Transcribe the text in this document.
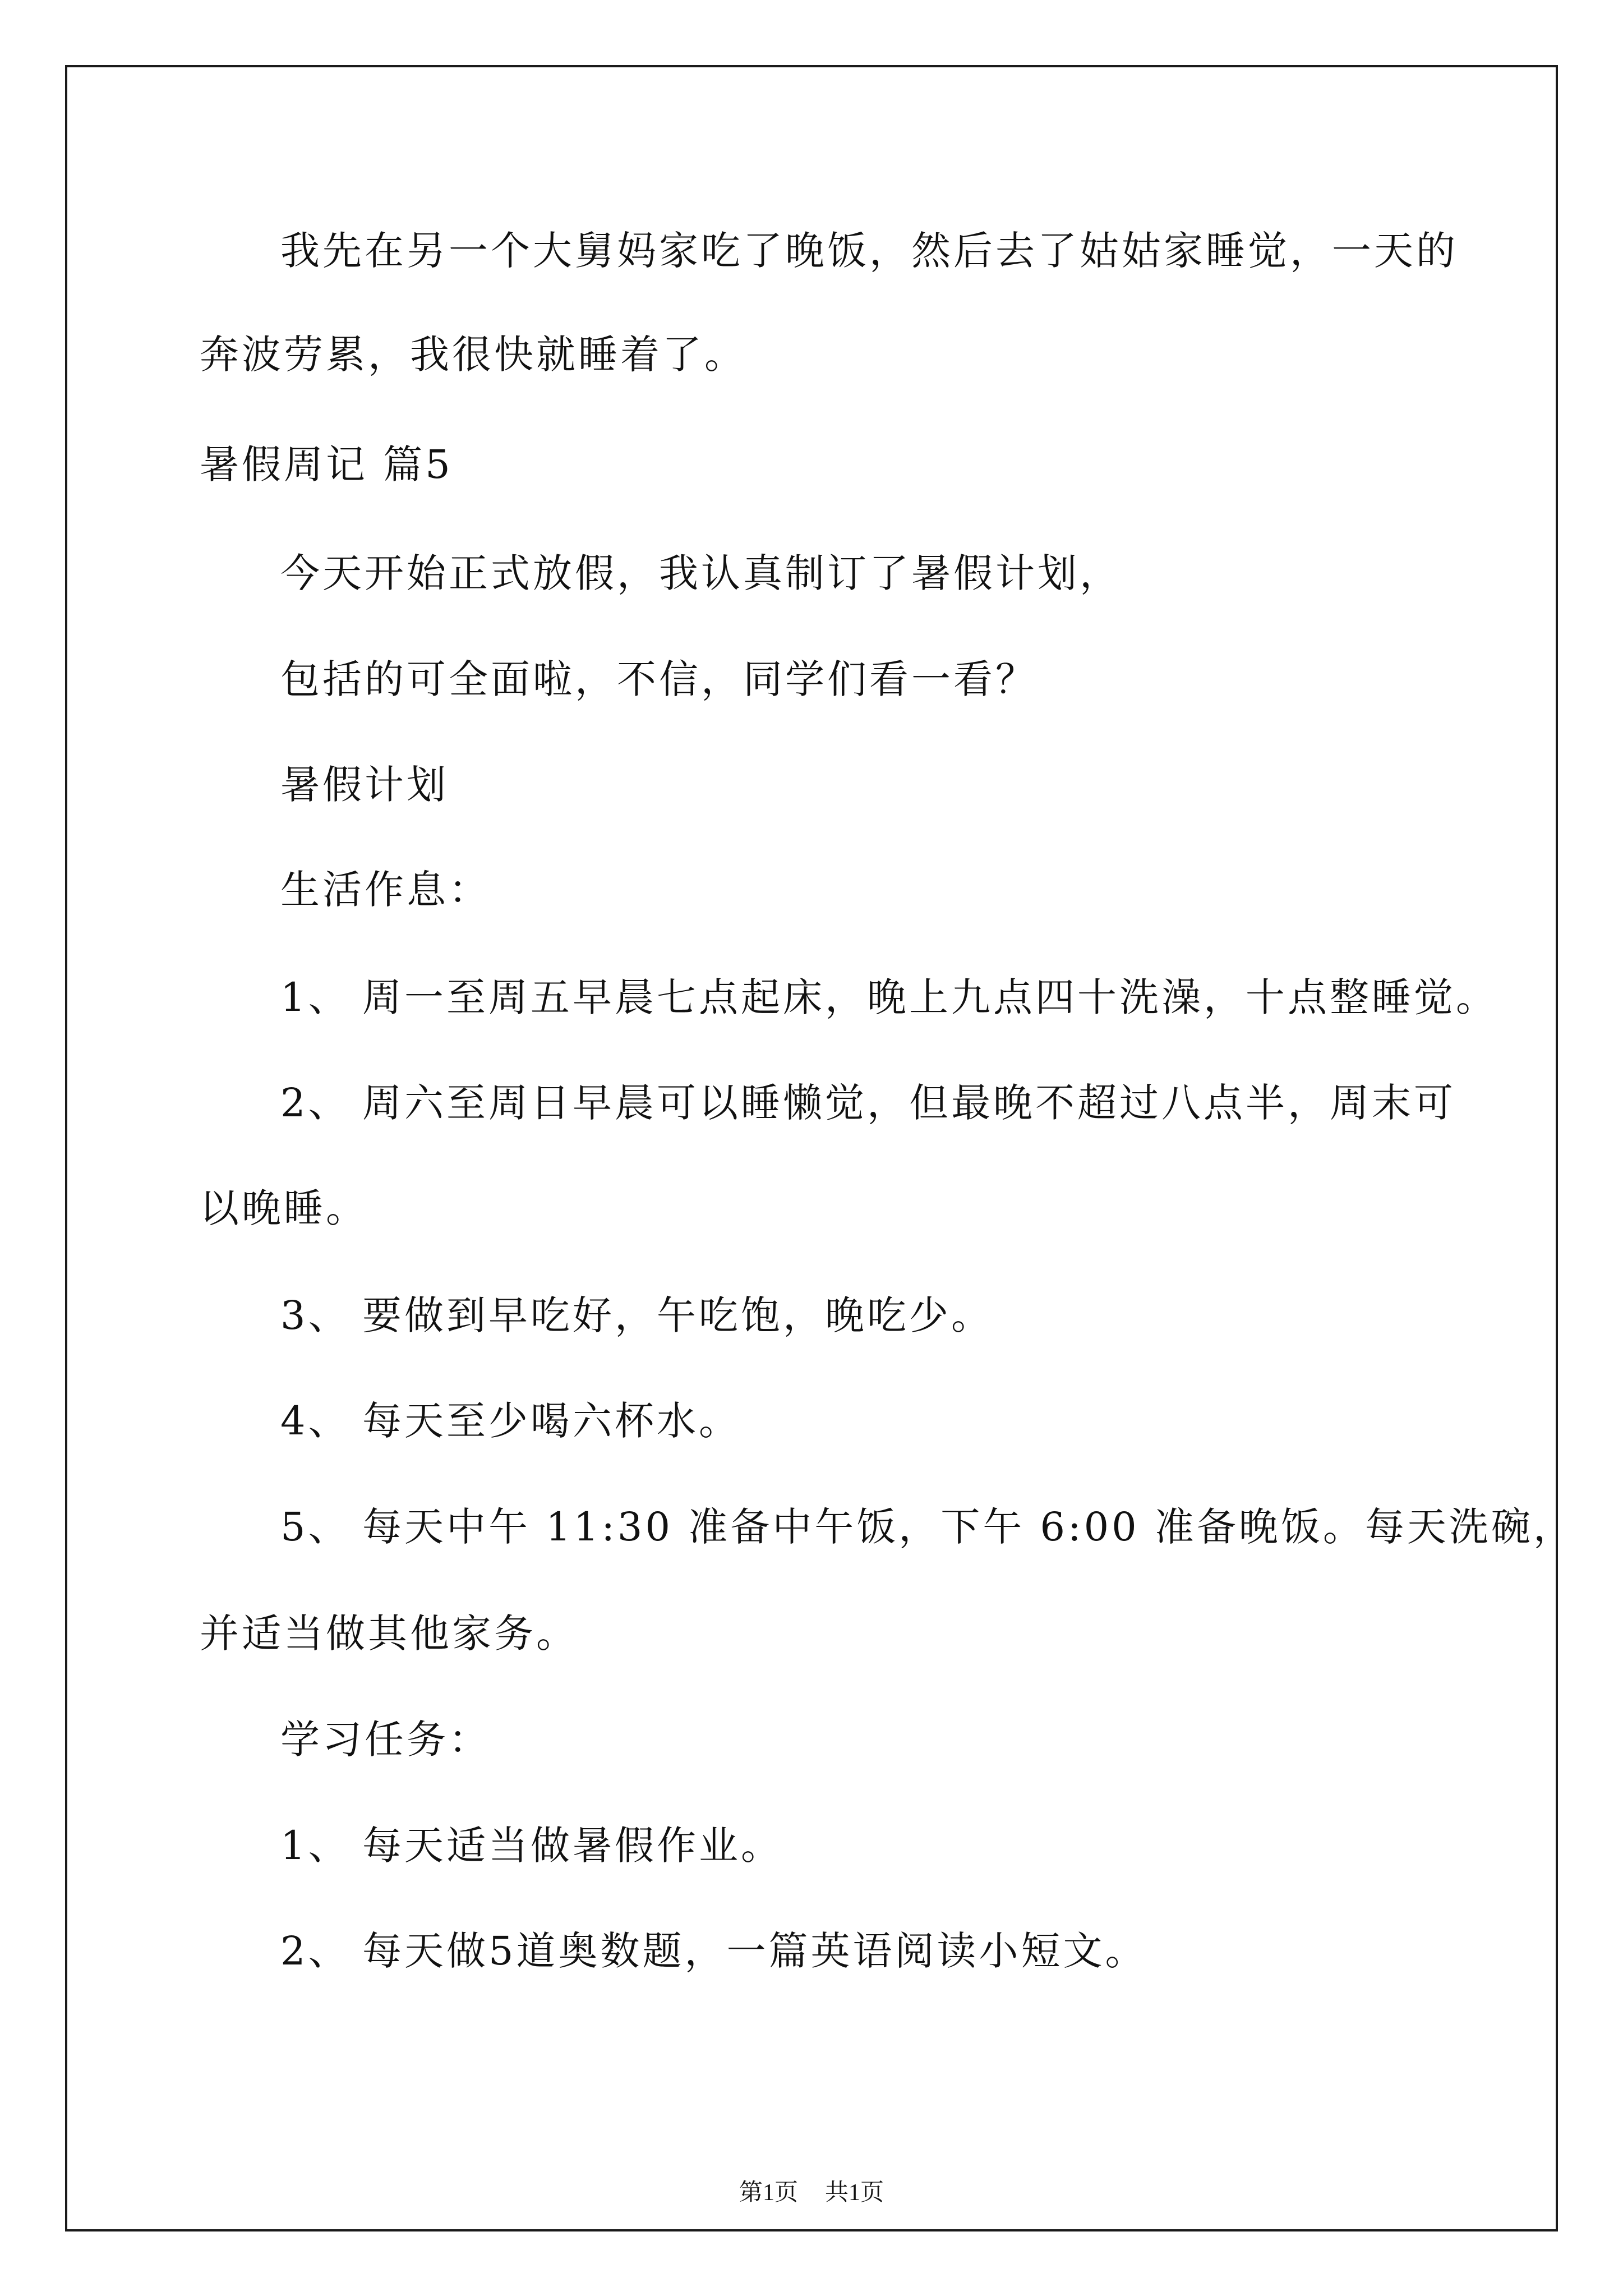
我先在另一个大舅妈家吃了晚饭，然后去了姑姑家睡觉，一天的
奔波劳累，我很快就睡着了。
暑假周记 篇5
今天开始正式放假，我认真制订了暑假计划，
包括的可全面啦，不信，同学们看一看？
暑假计划
生活作息：
1、 周一至周五早晨七点起床，晚上九点四十洗澡，十点整睡觉。
2、 周六至周日早晨可以睡懒觉，但最晚不超过八点半，周末可
以晚睡。
3、 要做到早吃好，午吃饱，晚吃少。
4、 每天至少喝六杯水。
5、 每天中午 11:30 准备中午饭，下午 6:00 准备晚饭。每天洗碗，
并适当做其他家务。
学习任务：
1、 每天适当做暑假作业。
2、 每天做5道奥数题，一篇英语阅读小短文。
第1页 共1页
